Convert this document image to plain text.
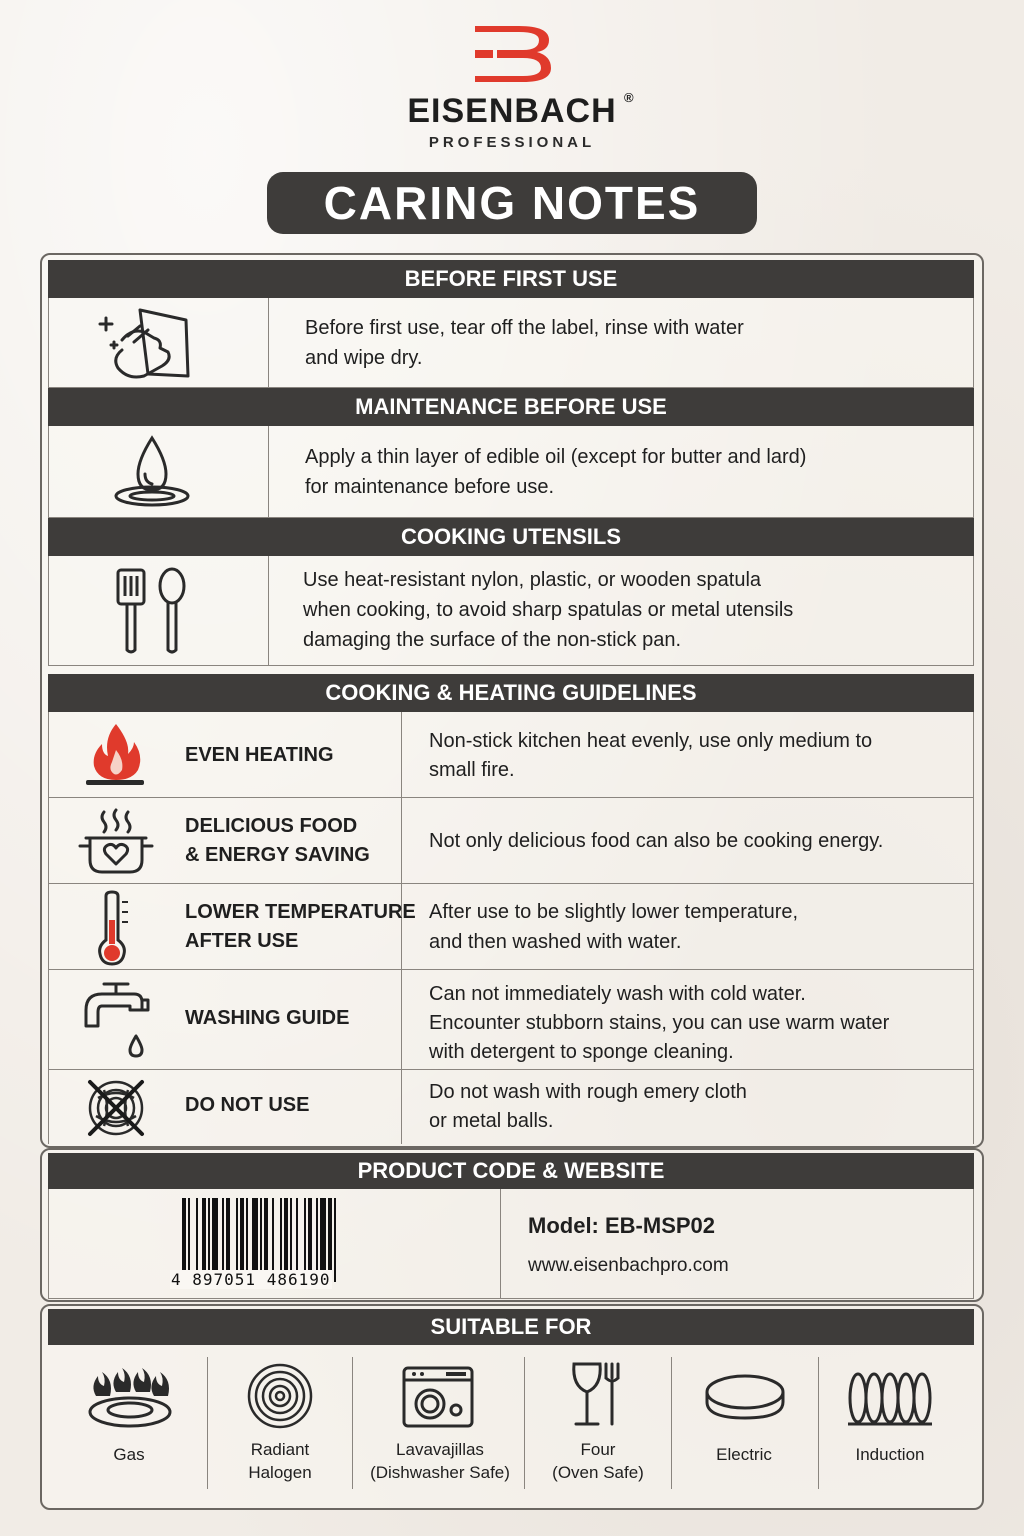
EISENBACH ®
PROFESSIONAL
CARING NOTES
BEFORE FIRST USE
Before first use, tear off the label, rinse with water
and wipe dry.
MAINTENANCE BEFORE USE
Apply a thin layer of edible oil (except for butter and lard)
for maintenance before use.
COOKING UTENSILS
Use heat-resistant nylon, plastic, or wooden spatula
when cooking, to avoid sharp spatulas or metal utensils
damaging the surface of the non-stick pan.
COOKING & HEATING GUIDELINES
EVEN HEATING
Non-stick kitchen heat evenly, use only medium to
small fire.
DELICIOUS FOOD
& ENERGY SAVING
Not only delicious food can also be cooking energy.
LOWER TEMPERATURE
AFTER USE
After use to be slightly lower temperature,
and then washed with water.
WASHING GUIDE
Can not immediately wash with cold water.
Encounter stubborn stains, you can use warm water
with detergent to sponge cleaning.
DO NOT USE
Do not wash with rough emery cloth
or metal balls.
PRODUCT CODE & WEBSITE
4 897051 486190
Model: EB-MSP02
www.eisenbachpro.com
SUITABLE FOR
Gas	Radiant
Halogen
Lavavajillas
(Dishwasher Safe)
Four
(Oven Safe)
Electric	Induction
